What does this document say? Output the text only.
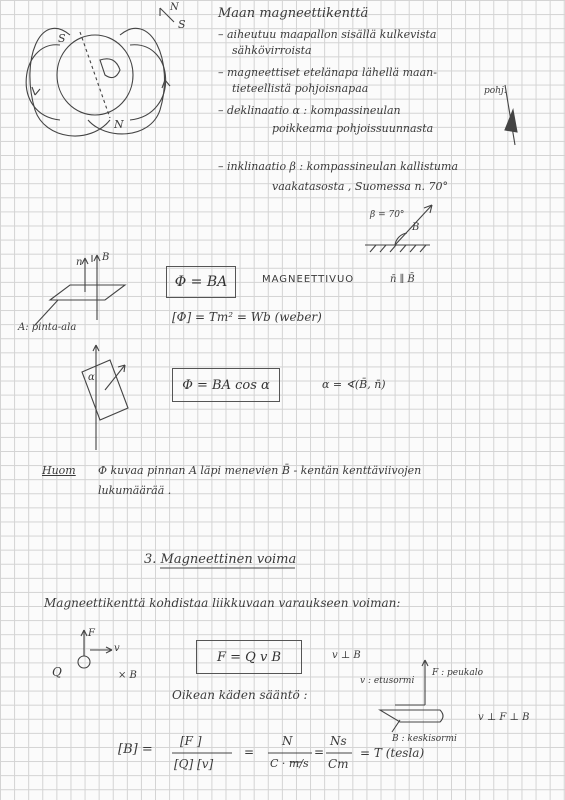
Maan magneettikenttä
– aiheutuu maapallon sisällä kulkevista
sähkövirroista
– magneettiset etelänapa lähellä maan-
tieteellistä pohjoisnapaa
– deklinaatio α : kompassineulan
poikkeama pohjoissuunnasta
– inklinaatio β : kompassineulan kallistuma
vaakatasosta , Suomessa n. 70°
S
N
N
S
pohj.
β = 70°
B
n B
A: pinta-ala
Φ = BA	MAGNEETTIVUO	n̄ ∥ B̄
[Φ] = Tm² = Wb (weber)
α	Φ = BA cos α	α = ∢(B̄, n̄)
Huom Φ kuvaa pinnan A läpi menevien B̄ - kentän kenttäviivojen
lukumäärää .
3. Magneettinen voima
Magneettikenttä kohdistaa liikkuvaan varaukseen voiman:
F
v
Q	× B
F = Q v B	v ⊥ B
Oikean käden sääntö :
v : etusormi
F : peukalo
B : keskisormi
v ⊥ F ⊥ B
[B] =
[F ]
[Q] [v]
=
N
C · m/s
=
Ns
Cm
= T (tesla)
